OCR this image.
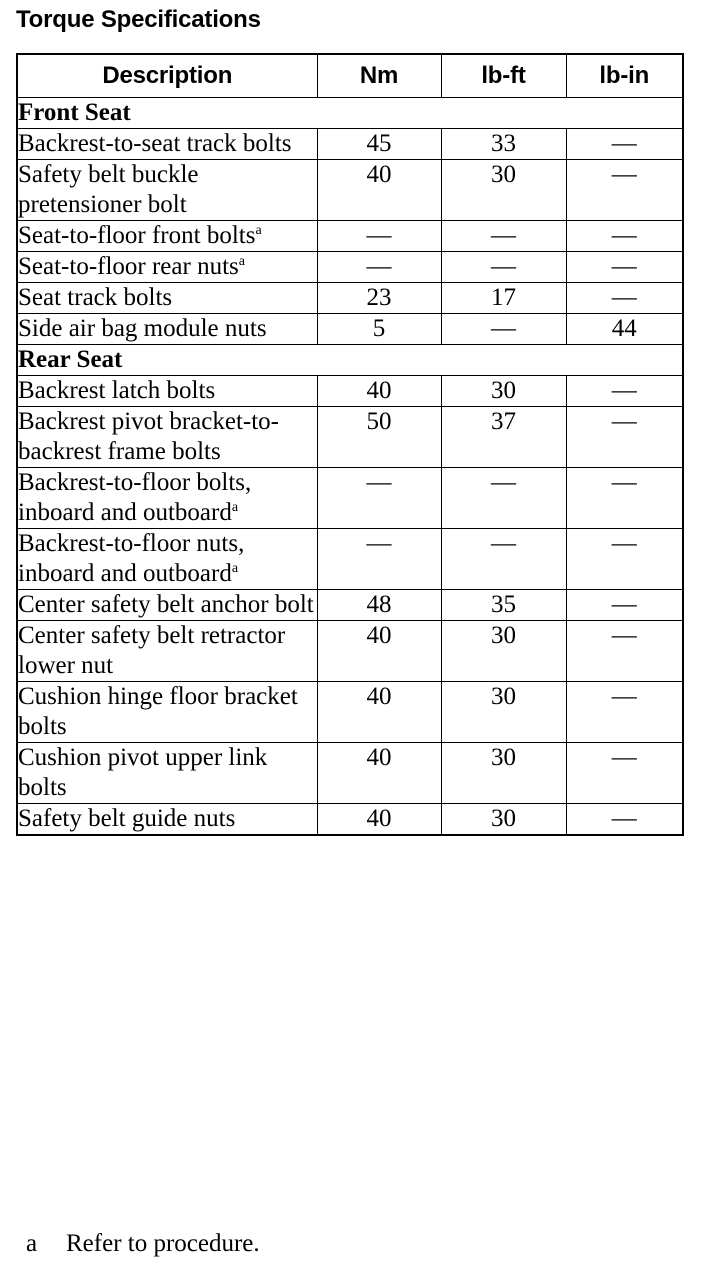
Torque Specifications
Description	Nm	lb-ft	lb-in
Front Seat			
Backrest-to-seat track bolts	45	33	—
Safety belt buckle pretensioner bolt	40	30	—
Seat-to-floor front bolts$^a$	—	—	—
Seat-to-floor rear nuts$^a$	—	—	—
Seat track bolts	23	17	—
Side air bag module nuts	5	—	44
Rear Seat			
Backrest latch bolts	40	30	—
Backrest pivot bracket-to-backrest frame bolts	50	37	—
Backrest-to-floor bolts, inboard and outboard$^a$	—	—	—
Backrest-to-floor nuts, inboard and outboard$^a$	—	—	—
Center safety belt anchor bolt	48	35	—
Center safety belt retractor lower nut	40	30	—
Cushion hinge floor bracket bolts	40	30	—
Cushion pivot upper link bolts	40	30	—
Safety belt guide nuts	40	30	—
a Refer to procedure.
